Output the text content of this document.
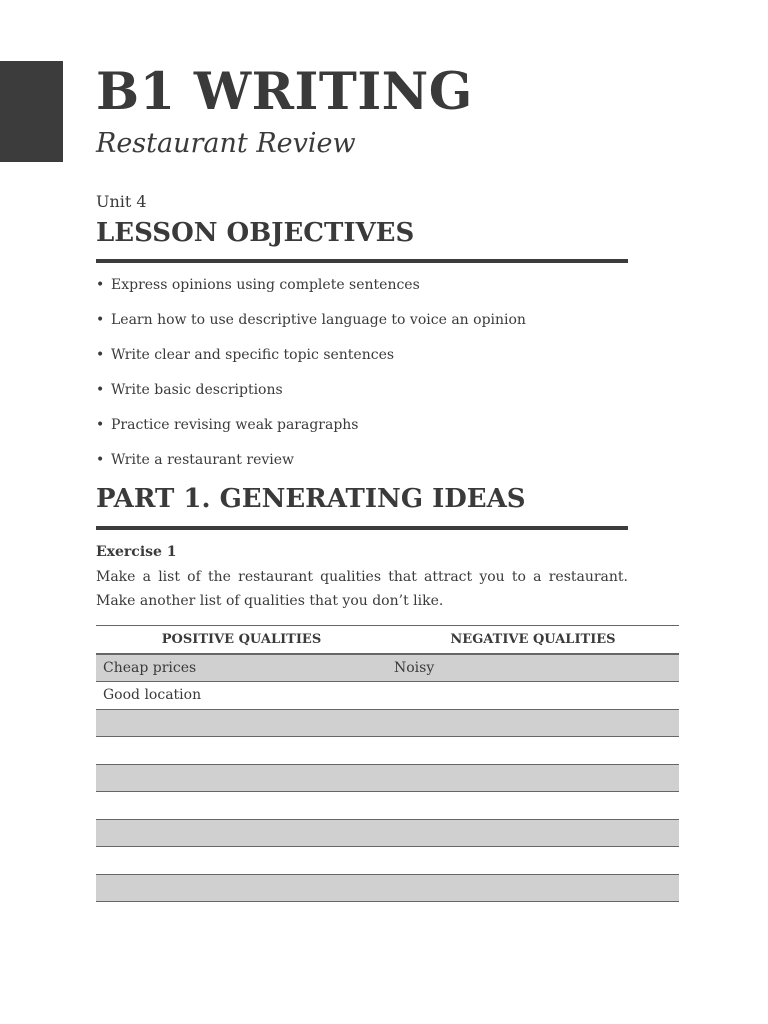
B1 WRITING
Restaurant Review
Unit 4
LESSON OBJECTIVES
• Express opinions using complete sentences
• Learn how to use descriptive language to voice an opinion
• Write clear and specific topic sentences
• Write basic descriptions
• Practice revising weak paragraphs
• Write a restaurant review
PART 1. GENERATING IDEAS
Exercise 1

Make a list of the restaurant qualities that attract you to a restaurant. Make another list of qualities that you don’t like.

POSITIVE QUALITIES	NEGATIVE QUALITIES
Cheap prices	Noisy
Good location
